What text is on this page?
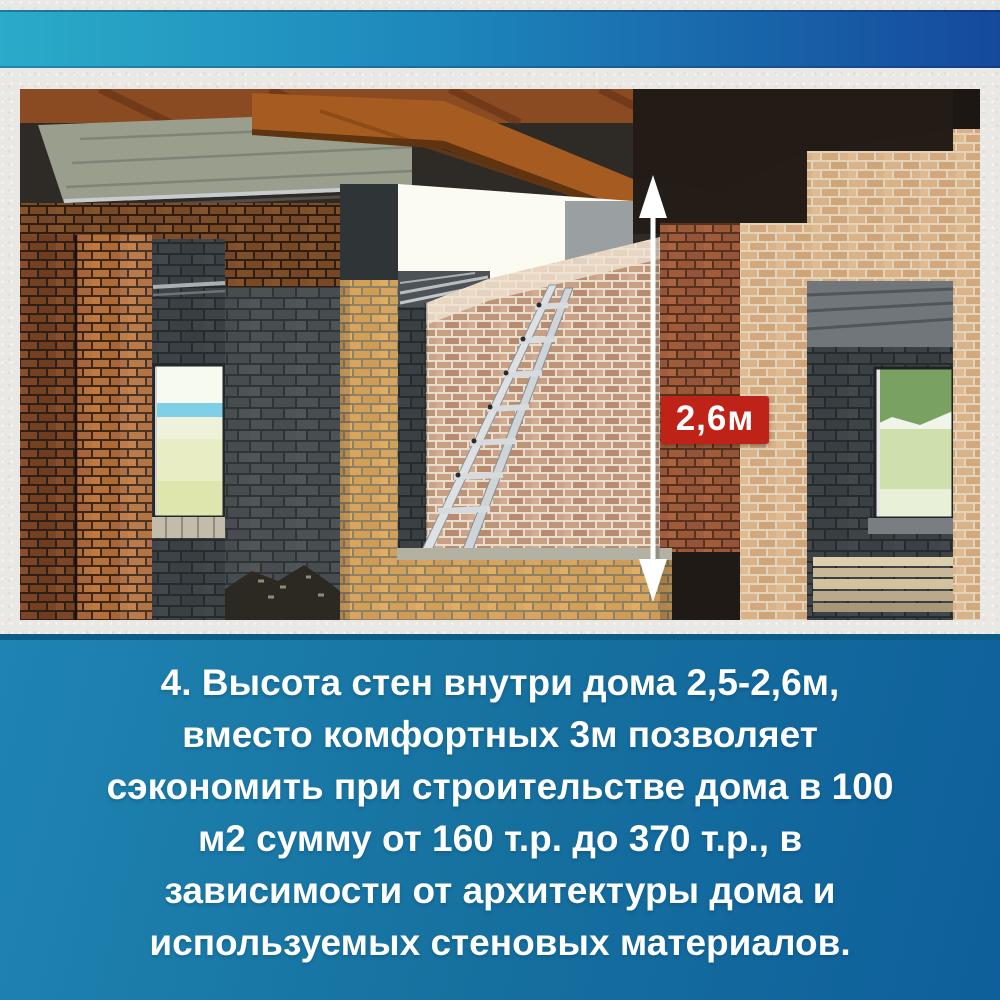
2,6м
4. Высота стен внутри дома 2,5-2,6м,
вместо комфортных 3м позволяет
сэкономить при строительстве дома в 100
м2 сумму от 160 т.р. до 370 т.р., в
зависимости от архитектуры дома и
используемых стеновых материалов.
